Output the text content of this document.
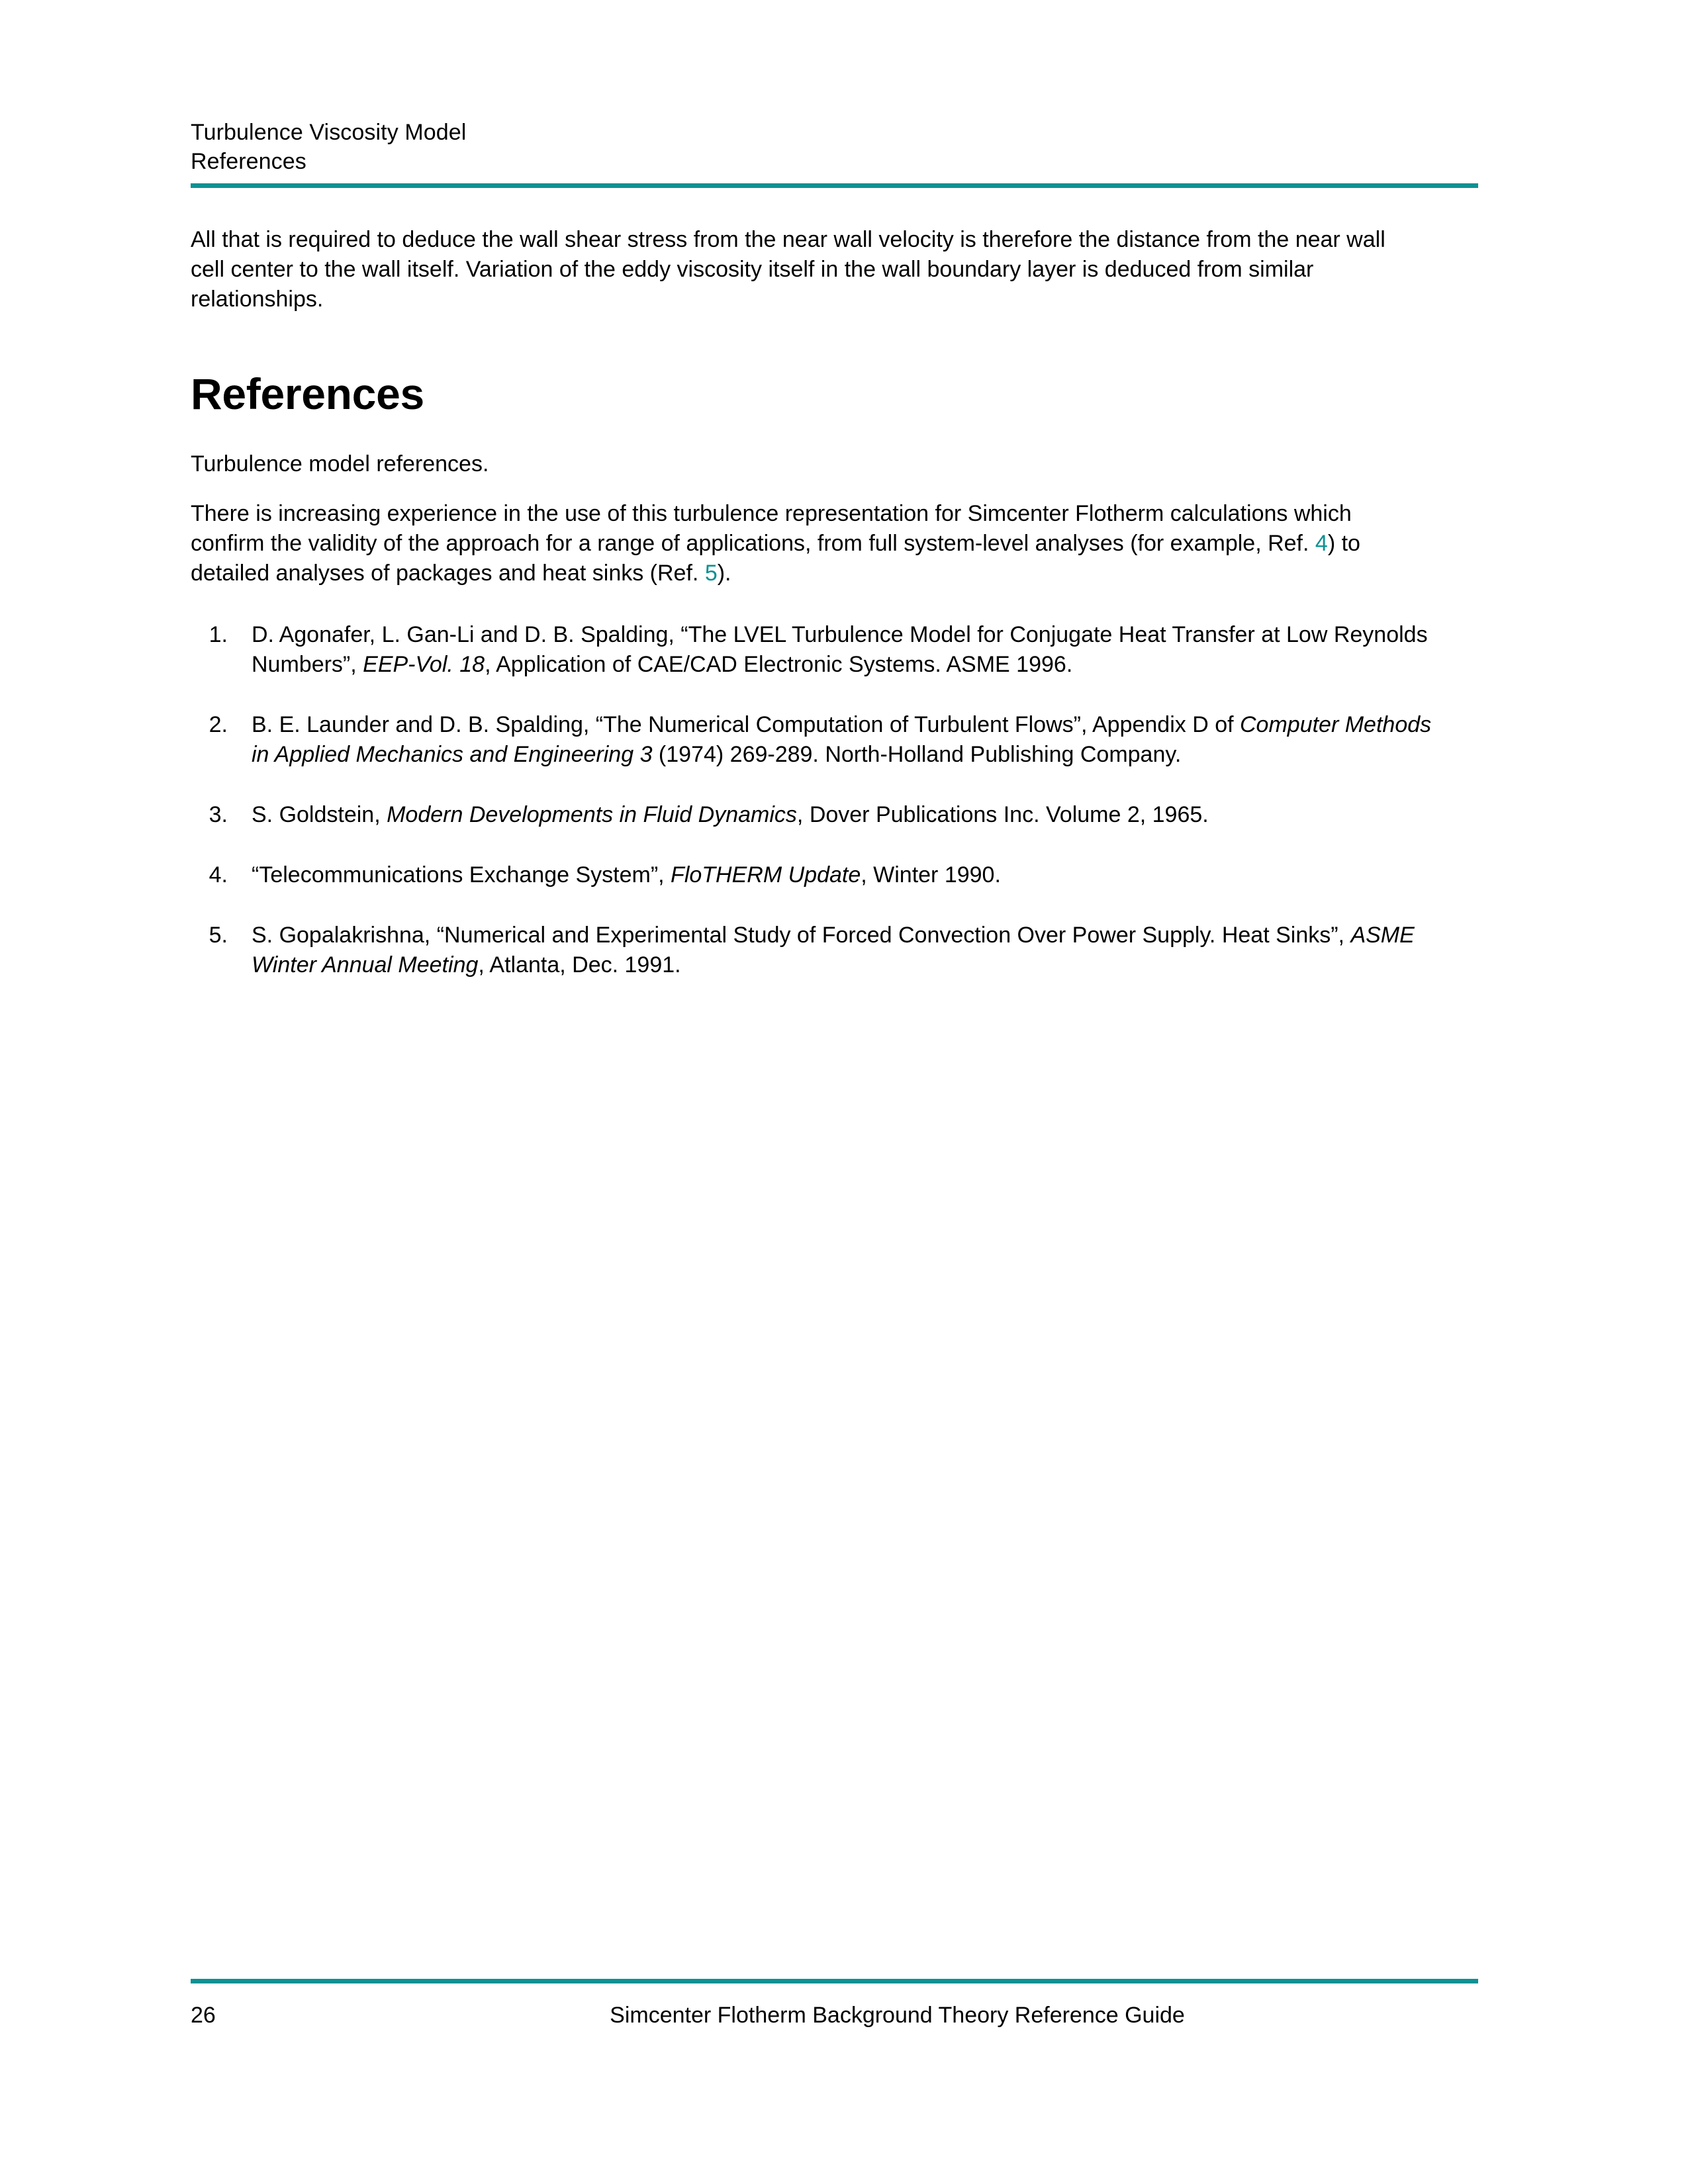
Turbulence Viscosity Model
References

All that is required to deduce the wall shear stress from the near wall velocity is therefore the distance from the near wall cell center to the wall itself. Variation of the eddy viscosity itself in the wall boundary layer is deduced from similar relationships.

References

Turbulence model references.

There is increasing experience in the use of this turbulence representation for Simcenter Flotherm calculations which confirm the validity of the approach for a range of applications, from full system-level analyses (for example, Ref. 4) to detailed analyses of packages and heat sinks (Ref. 5).

1. D. Agonafer, L. Gan-Li and D. B. Spalding, “The LVEL Turbulence Model for Conjugate Heat Transfer at Low Reynolds Numbers”, EEP-Vol. 18, Application of CAE/CAD Electronic Systems. ASME 1996.
2. B. E. Launder and D. B. Spalding, “The Numerical Computation of Turbulent Flows”, Appendix D of Computer Methods in Applied Mechanics and Engineering 3 (1974) 269-289. North-Holland Publishing Company.
3. S. Goldstein, Modern Developments in Fluid Dynamics, Dover Publications Inc. Volume 2, 1965.
4. “Telecommunications Exchange System”, FloTHERM Update, Winter 1990.
5. S. Gopalakrishna, “Numerical and Experimental Study of Forced Convection Over Power Supply. Heat Sinks”, ASME Winter Annual Meeting, Atlanta, Dec. 1991.
26	Simcenter Flotherm Background Theory Reference Guide
